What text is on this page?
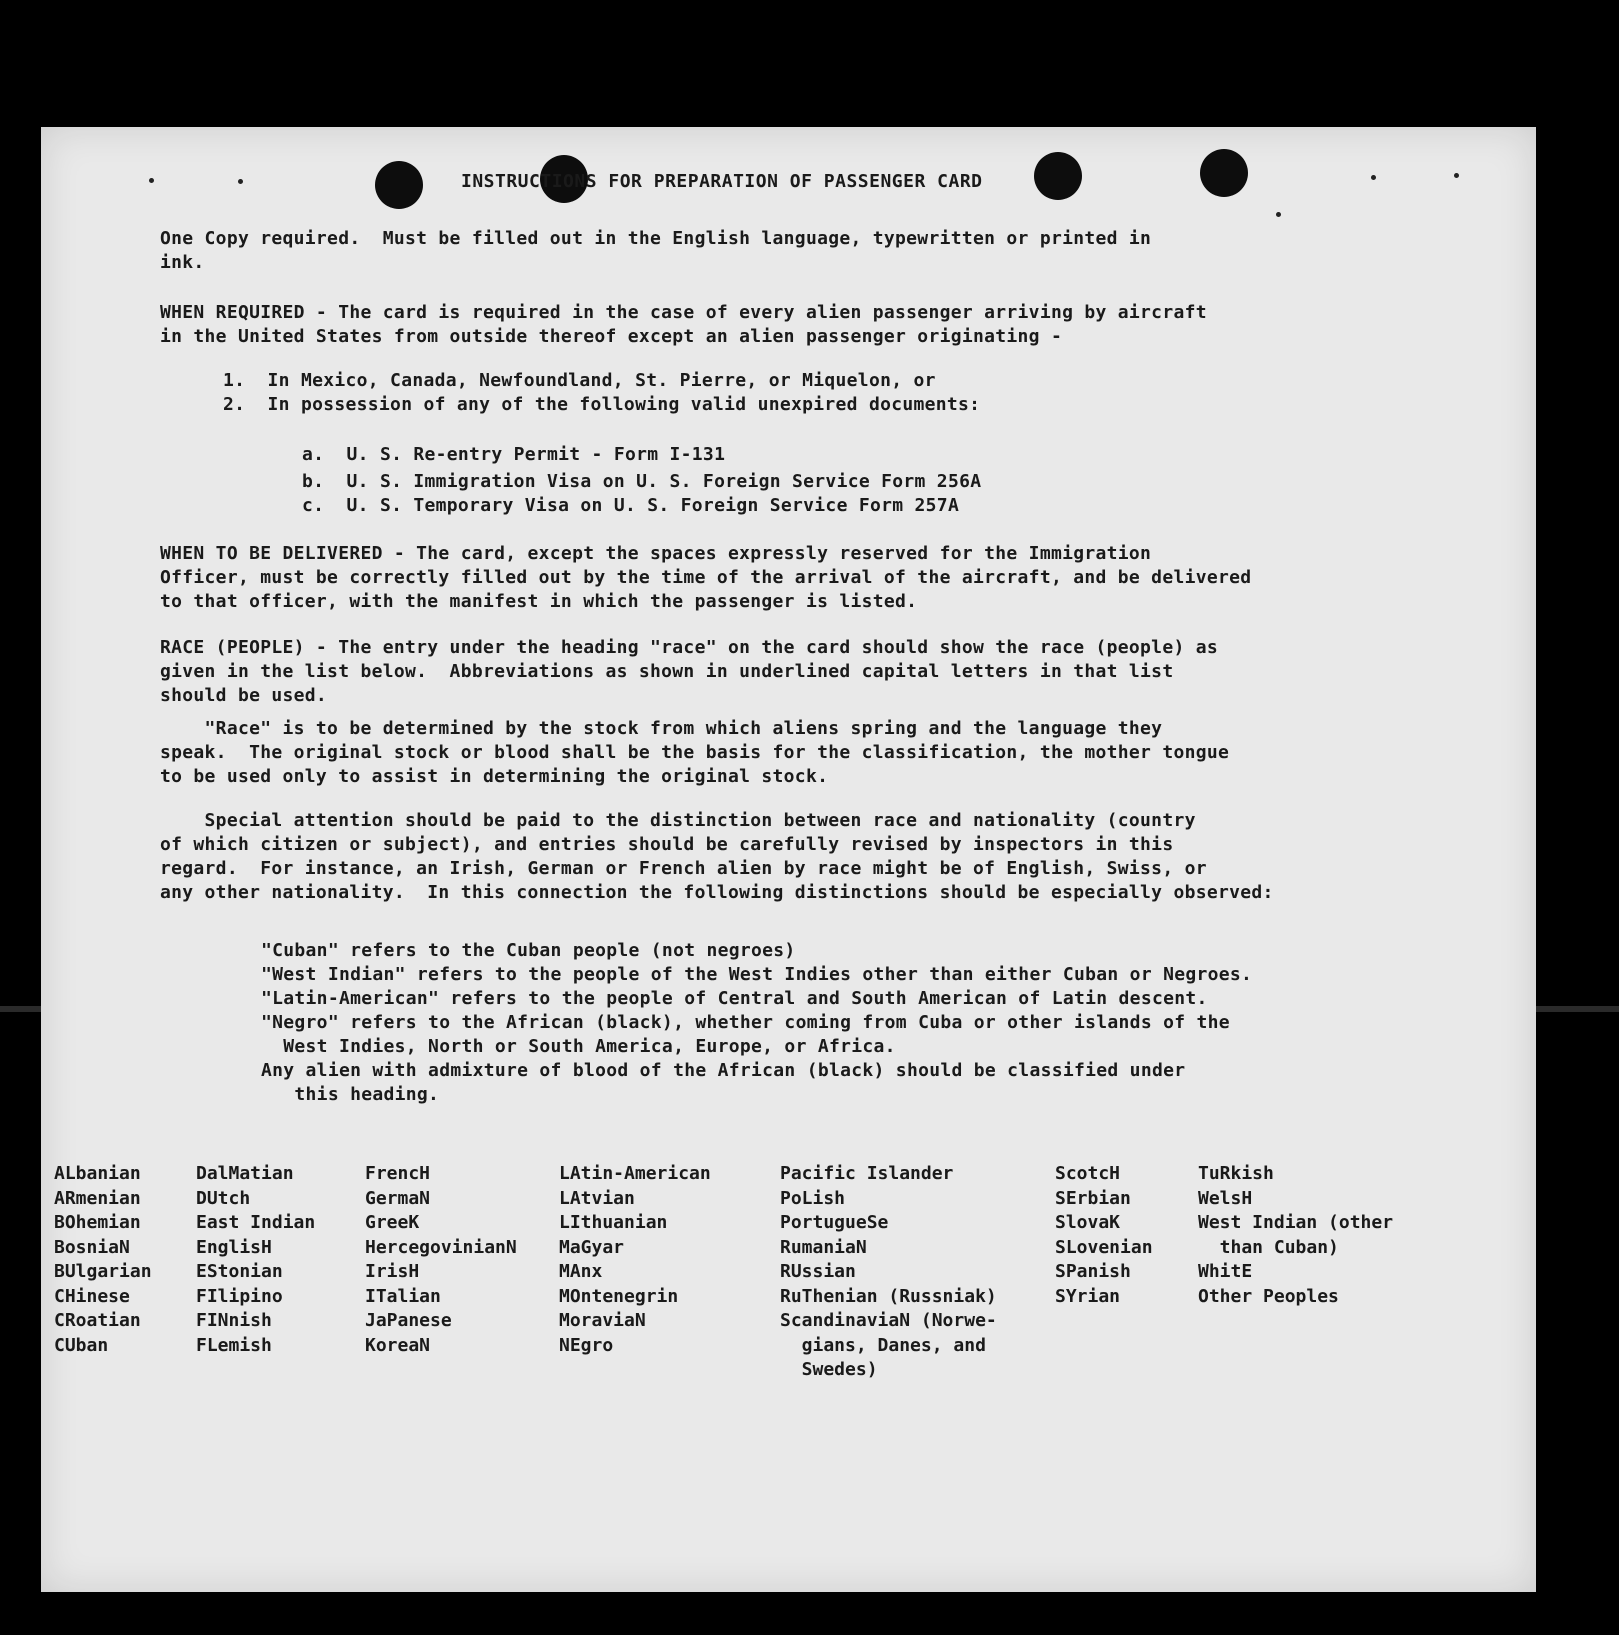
INSTRUCTIONS FOR PREPARATION OF PASSENGER CARD
One Copy required.  Must be filled out in the English language, typewritten or printed in
ink.
WHEN REQUIRED - The card is required in the case of every alien passenger arriving by aircraft
in the United States from outside thereof except an alien passenger originating -
1.  In Mexico, Canada, Newfoundland, St. Pierre, or Miquelon, or
2.  In possession of any of the following valid unexpired documents:
a.  U. S. Re-entry Permit - Form I-131
b.  U. S. Immigration Visa on U. S. Foreign Service Form 256A
c.  U. S. Temporary Visa on U. S. Foreign Service Form 257A
WHEN TO BE DELIVERED - The card, except the spaces expressly reserved for the Immigration
Officer, must be correctly filled out by the time of the arrival of the aircraft, and be delivered
to that officer, with the manifest in which the passenger is listed.
RACE (PEOPLE) - The entry under the heading "race" on the card should show the race (people) as
given in the list below.  Abbreviations as shown in underlined capital letters in that list
should be used.
"Race" is to be determined by the stock from which aliens spring and the language they
speak.  The original stock or blood shall be the basis for the classification, the mother tongue
to be used only to assist in determining the original stock.
Special attention should be paid to the distinction between race and nationality (country
of which citizen or subject), and entries should be carefully revised by inspectors in this
regard.  For instance, an Irish, German or French alien by race might be of English, Swiss, or
any other nationality.  In this connection the following distinctions should be especially observed:
"Cuban" refers to the Cuban people (not negroes)
"West Indian" refers to the people of the West Indies other than either Cuban or Negroes.
"Latin-American" refers to the people of Central and South American of Latin descent.
"Negro" refers to the African (black), whether coming from Cuba or other islands of the
West Indies, North or South America, Europe, or Africa.
Any alien with admixture of blood of the African (black) should be classified under
this heading.
ALbanian
ARmenian
BOhemian
BosniaN
BUlgarian
CHinese
CRoatian
CUban
DalMatian
DUtch
East Indian
EnglisH
EStonian
FIlipino
FINnish
FLemish
FrencH
GermaN
GreeK
HercegovinianN
IrisH
ITalian
JaPanese
KoreaN
LAtin-American
LAtvian
LIthuanian
MaGyar
MAnx
MOntenegrin
MoraviaN
NEgro
Pacific Islander
PoLish
PortugueSe
RumaniaN
RUssian
RuThenian (Russniak)
ScandinaviaN (Norwe-
gians, Danes, and
Swedes)
ScotcH
SErbian
SlovaK
SLovenian
SPanish
SYrian
TuRkish
WelsH
West Indian (other
than Cuban)
WhitE
Other Peoples
